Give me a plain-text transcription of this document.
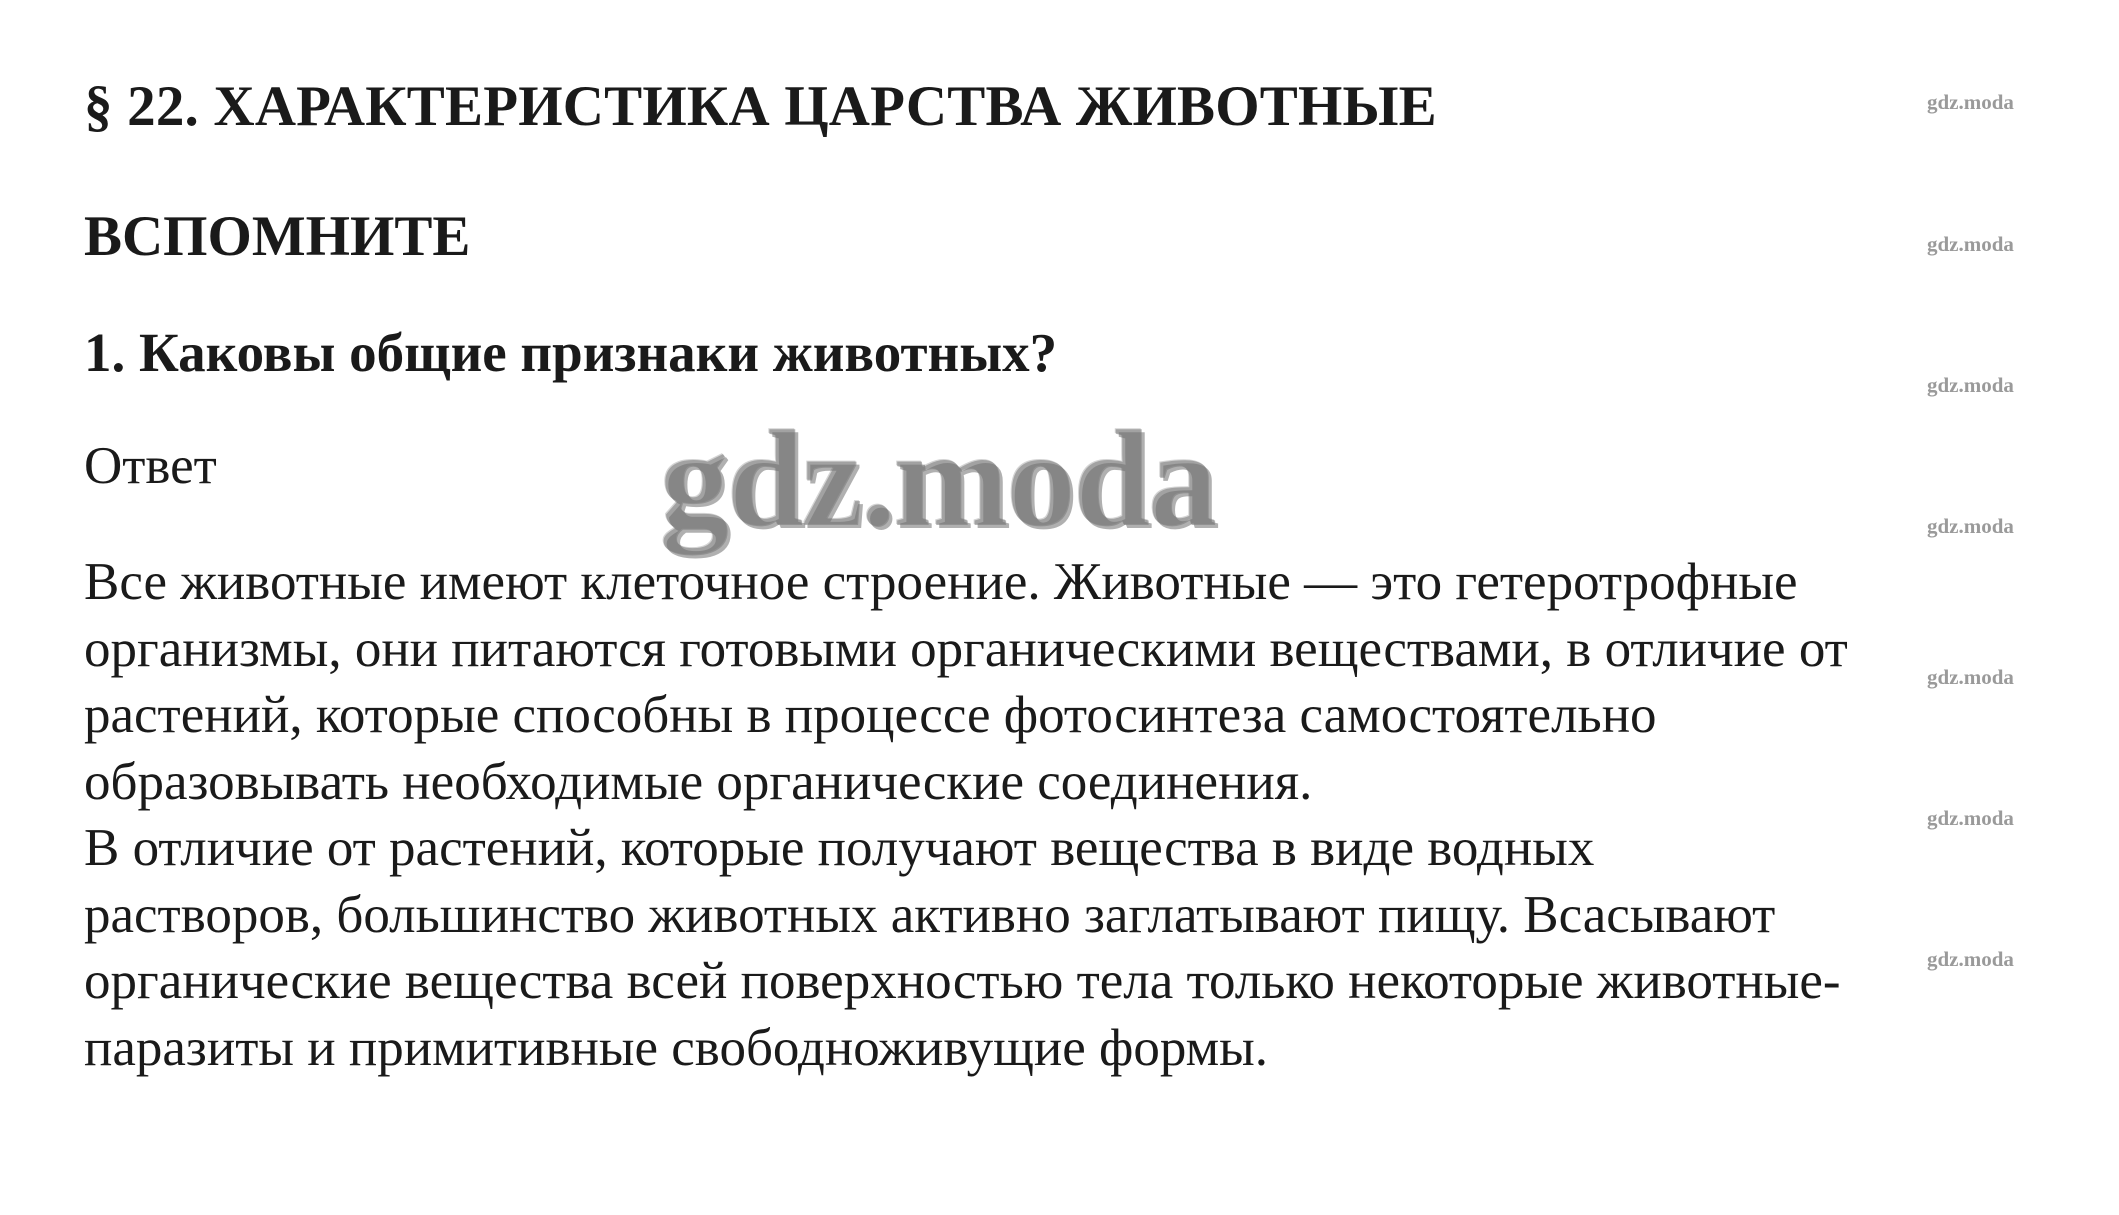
§ 22. ХАРАКТЕРИСТИКА ЦАРСТВА ЖИВОТНЫЕ
ВСПОМНИТЕ
1. Каковы общие признаки животных?
Ответ
Все животные имеют клеточное строение. Животные — это гетеротрофные
организмы, они питаются готовыми органическими веществами, в отличие от
растений, которые способны в процессе фотосинтеза самостоятельно
образовывать необходимые органические соединения.
В отличие от растений, которые получают вещества в виде водных
растворов, большинство животных активно заглатывают пищу. Всасывают
органические вещества всей поверхностью тела только некоторые животные-
паразиты и примитивные свободноживущие формы.
gdz.moda
gdz.moda
gdz.moda
gdz.moda
gdz.moda
gdz.moda
gdz.moda
gdz.moda
